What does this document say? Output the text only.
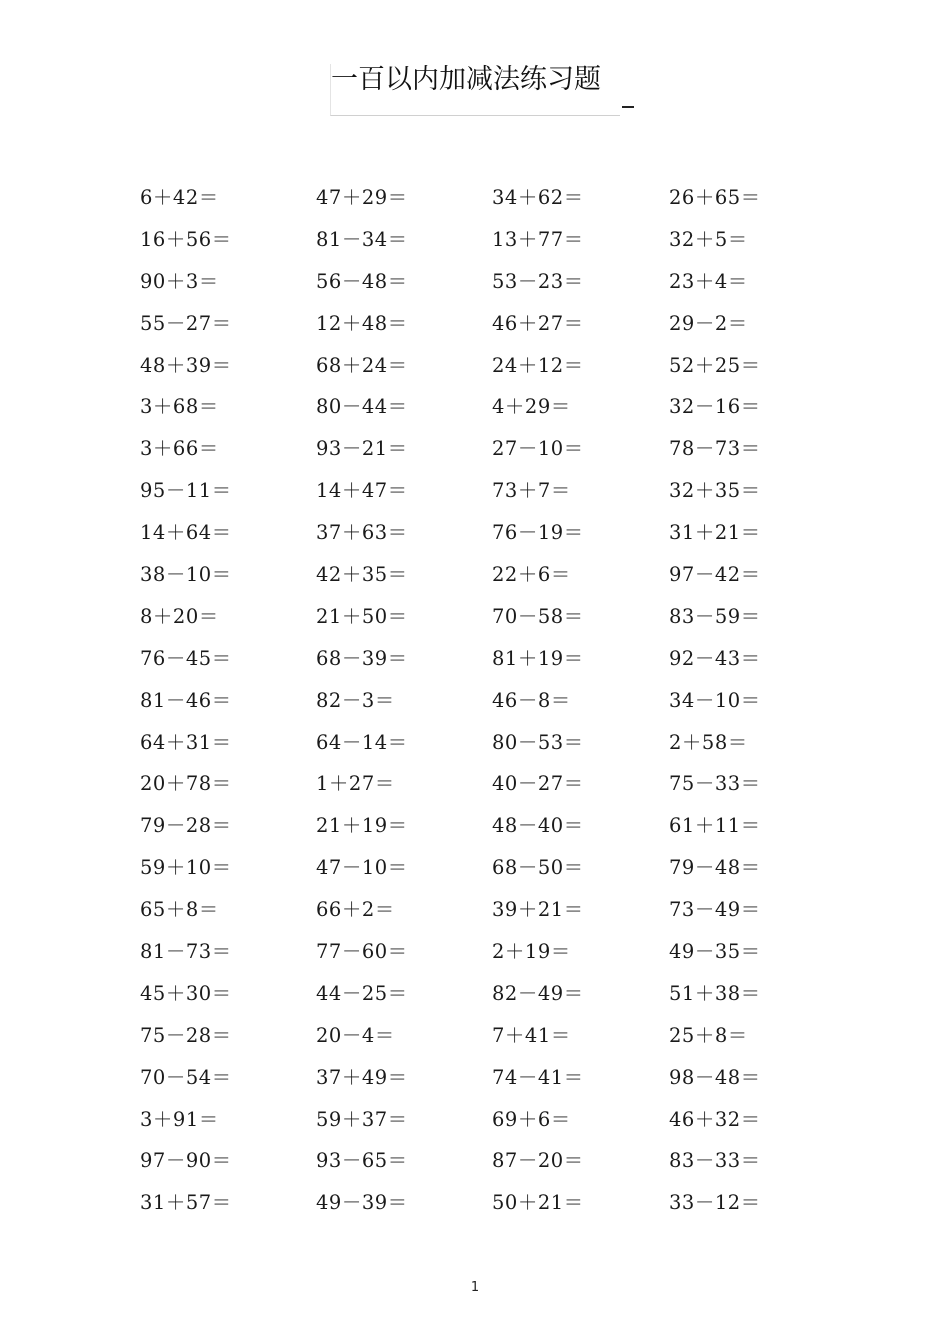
一百以内加减法练习题
6＋42＝	47＋29＝	34＋62＝	26＋65＝
16＋56＝	81－34＝	13＋77＝	32＋5＝
90＋3＝	56－48＝	53－23＝	23＋4＝
55－27＝	12＋48＝	46＋27＝	29－2＝
48＋39＝	68＋24＝	24＋12＝	52＋25＝
3＋68＝	80－44＝	4＋29＝	32－16＝
3＋66＝	93－21＝	27－10＝	78－73＝
95－11＝	14＋47＝	73＋7＝	32＋35＝
14＋64＝	37＋63＝	76－19＝	31＋21＝
38－10＝	42＋35＝	22＋6＝	97－42＝
8＋20＝	21＋50＝	70－58＝	83－59＝
76－45＝	68－39＝	81＋19＝	92－43＝
81－46＝	82－3＝	46－8＝	34－10＝
64＋31＝	64－14＝	80－53＝	2＋58＝
20＋78＝	1＋27＝	40－27＝	75－33＝
79－28＝	21＋19＝	48－40＝	61＋11＝
59＋10＝	47－10＝	68－50＝	79－48＝
65＋8＝	66＋2＝	39＋21＝	73－49＝
81－73＝	77－60＝	2＋19＝	49－35＝
45＋30＝	44－25＝	82－49＝	51＋38＝
75－28＝	20－4＝	7＋41＝	25＋8＝
70－54＝	37＋49＝	74－41＝	98－48＝
3＋91＝	59＋37＝	69＋6＝	46＋32＝
97－90＝	93－65＝	87－20＝	83－33＝
31＋57＝	49－39＝	50＋21＝	33－12＝
1
